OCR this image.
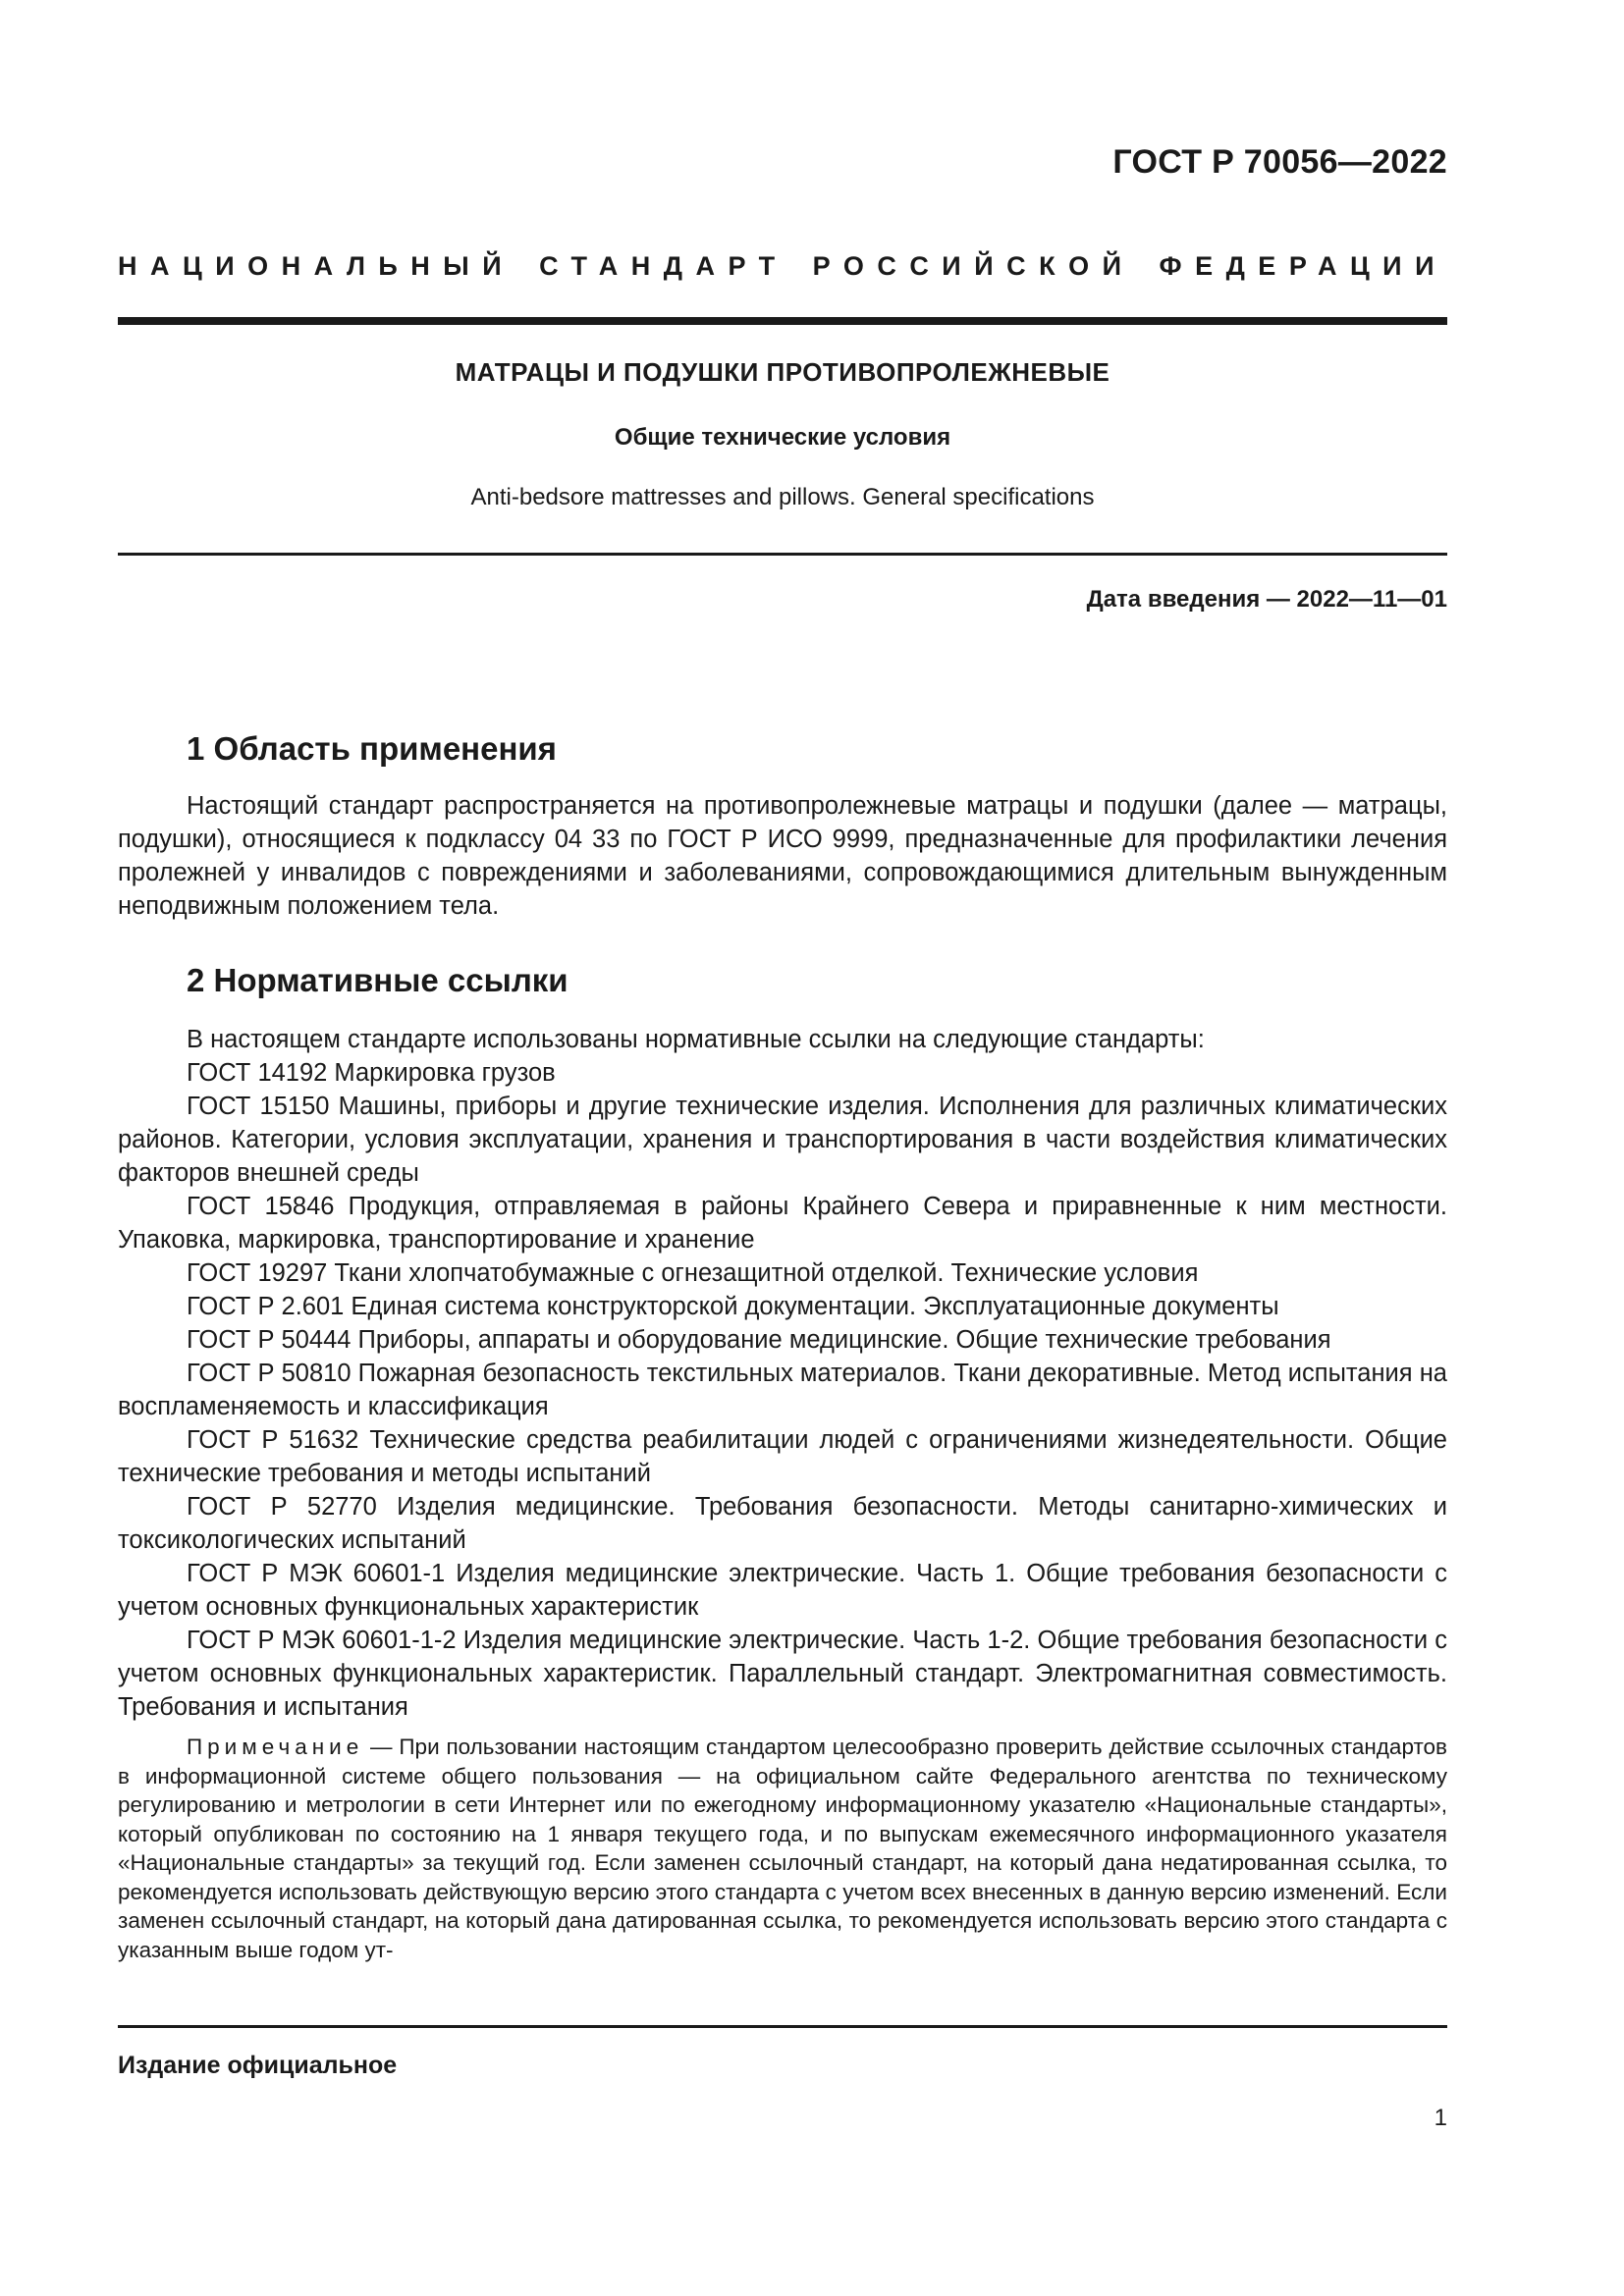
ГОСТ Р 70056—2022
НАЦИОНАЛЬНЫЙ СТАНДАРТ РОССИЙСКОЙ ФЕДЕРАЦИИ
МАТРАЦЫ И ПОДУШКИ ПРОТИВОПРОЛЕЖНЕВЫЕ
Общие технические условия
Anti-bedsore mattresses and pillows. General specifications
Дата введения — 2022—11—01
1 Область применения

Настоящий стандарт распространяется на противопролежневые матрацы и подушки (далее — матрацы, подушки), относящиеся к подклассу 04 33 по ГОСТ Р ИСО 9999, предназначенные для профилактики лечения пролежней у инвалидов с повреждениями и заболеваниями, сопровождающимися длительным вынужденным неподвижным положением тела.

2 Нормативные ссылки

В настоящем стандарте использованы нормативные ссылки на следующие стандарты:

ГОСТ 14192 Маркировка грузов

ГОСТ 15150 Машины, приборы и другие технические изделия. Исполнения для различных климатических районов. Категории, условия эксплуатации, хранения и транспортирования в части воздействия климатических факторов внешней среды

ГОСТ 15846 Продукция, отправляемая в районы Крайнего Севера и приравненные к ним местности. Упаковка, маркировка, транспортирование и хранение

ГОСТ 19297 Ткани хлопчатобумажные с огнезащитной отделкой. Технические условия

ГОСТ Р 2.601 Единая система конструкторской документации. Эксплуатационные документы

ГОСТ Р 50444 Приборы, аппараты и оборудование медицинские. Общие технические требования

ГОСТ Р 50810 Пожарная безопасность текстильных материалов. Ткани декоративные. Метод испытания на воспламеняемость и классификация

ГОСТ Р 51632 Технические средства реабилитации людей с ограничениями жизнедеятельности. Общие технические требования и методы испытаний

ГОСТ Р 52770 Изделия медицинские. Требования безопасности. Методы санитарно-химических и токсикологических испытаний

ГОСТ Р МЭК 60601-1 Изделия медицинские электрические. Часть 1. Общие требования безопасности с учетом основных функциональных характеристик

ГОСТ Р МЭК 60601-1-2 Изделия медицинские электрические. Часть 1-2. Общие требования безопасности с учетом основных функциональных характеристик. Параллельный стандарт. Электромагнитная совместимость. Требования и испытания

Примечание — При пользовании настоящим стандартом целесообразно проверить действие ссылочных стандартов в информационной системе общего пользования — на официальном сайте Федерального агентства по техническому регулированию и метрологии в сети Интернет или по ежегодному информационному указателю «Национальные стандарты», который опубликован по состоянию на 1 января текущего года, и по выпускам ежемесячного информационного указателя «Национальные стандарты» за текущий год. Если заменен ссылочный стандарт, на который дана недатированная ссылка, то рекомендуется использовать действующую версию этого стандарта с учетом всех внесенных в данную версию изменений. Если заменен ссылочный стандарт, на который дана датированная ссылка, то рекомендуется использовать версию этого стандарта с указанным выше годом ут-

Издание официальное
1
